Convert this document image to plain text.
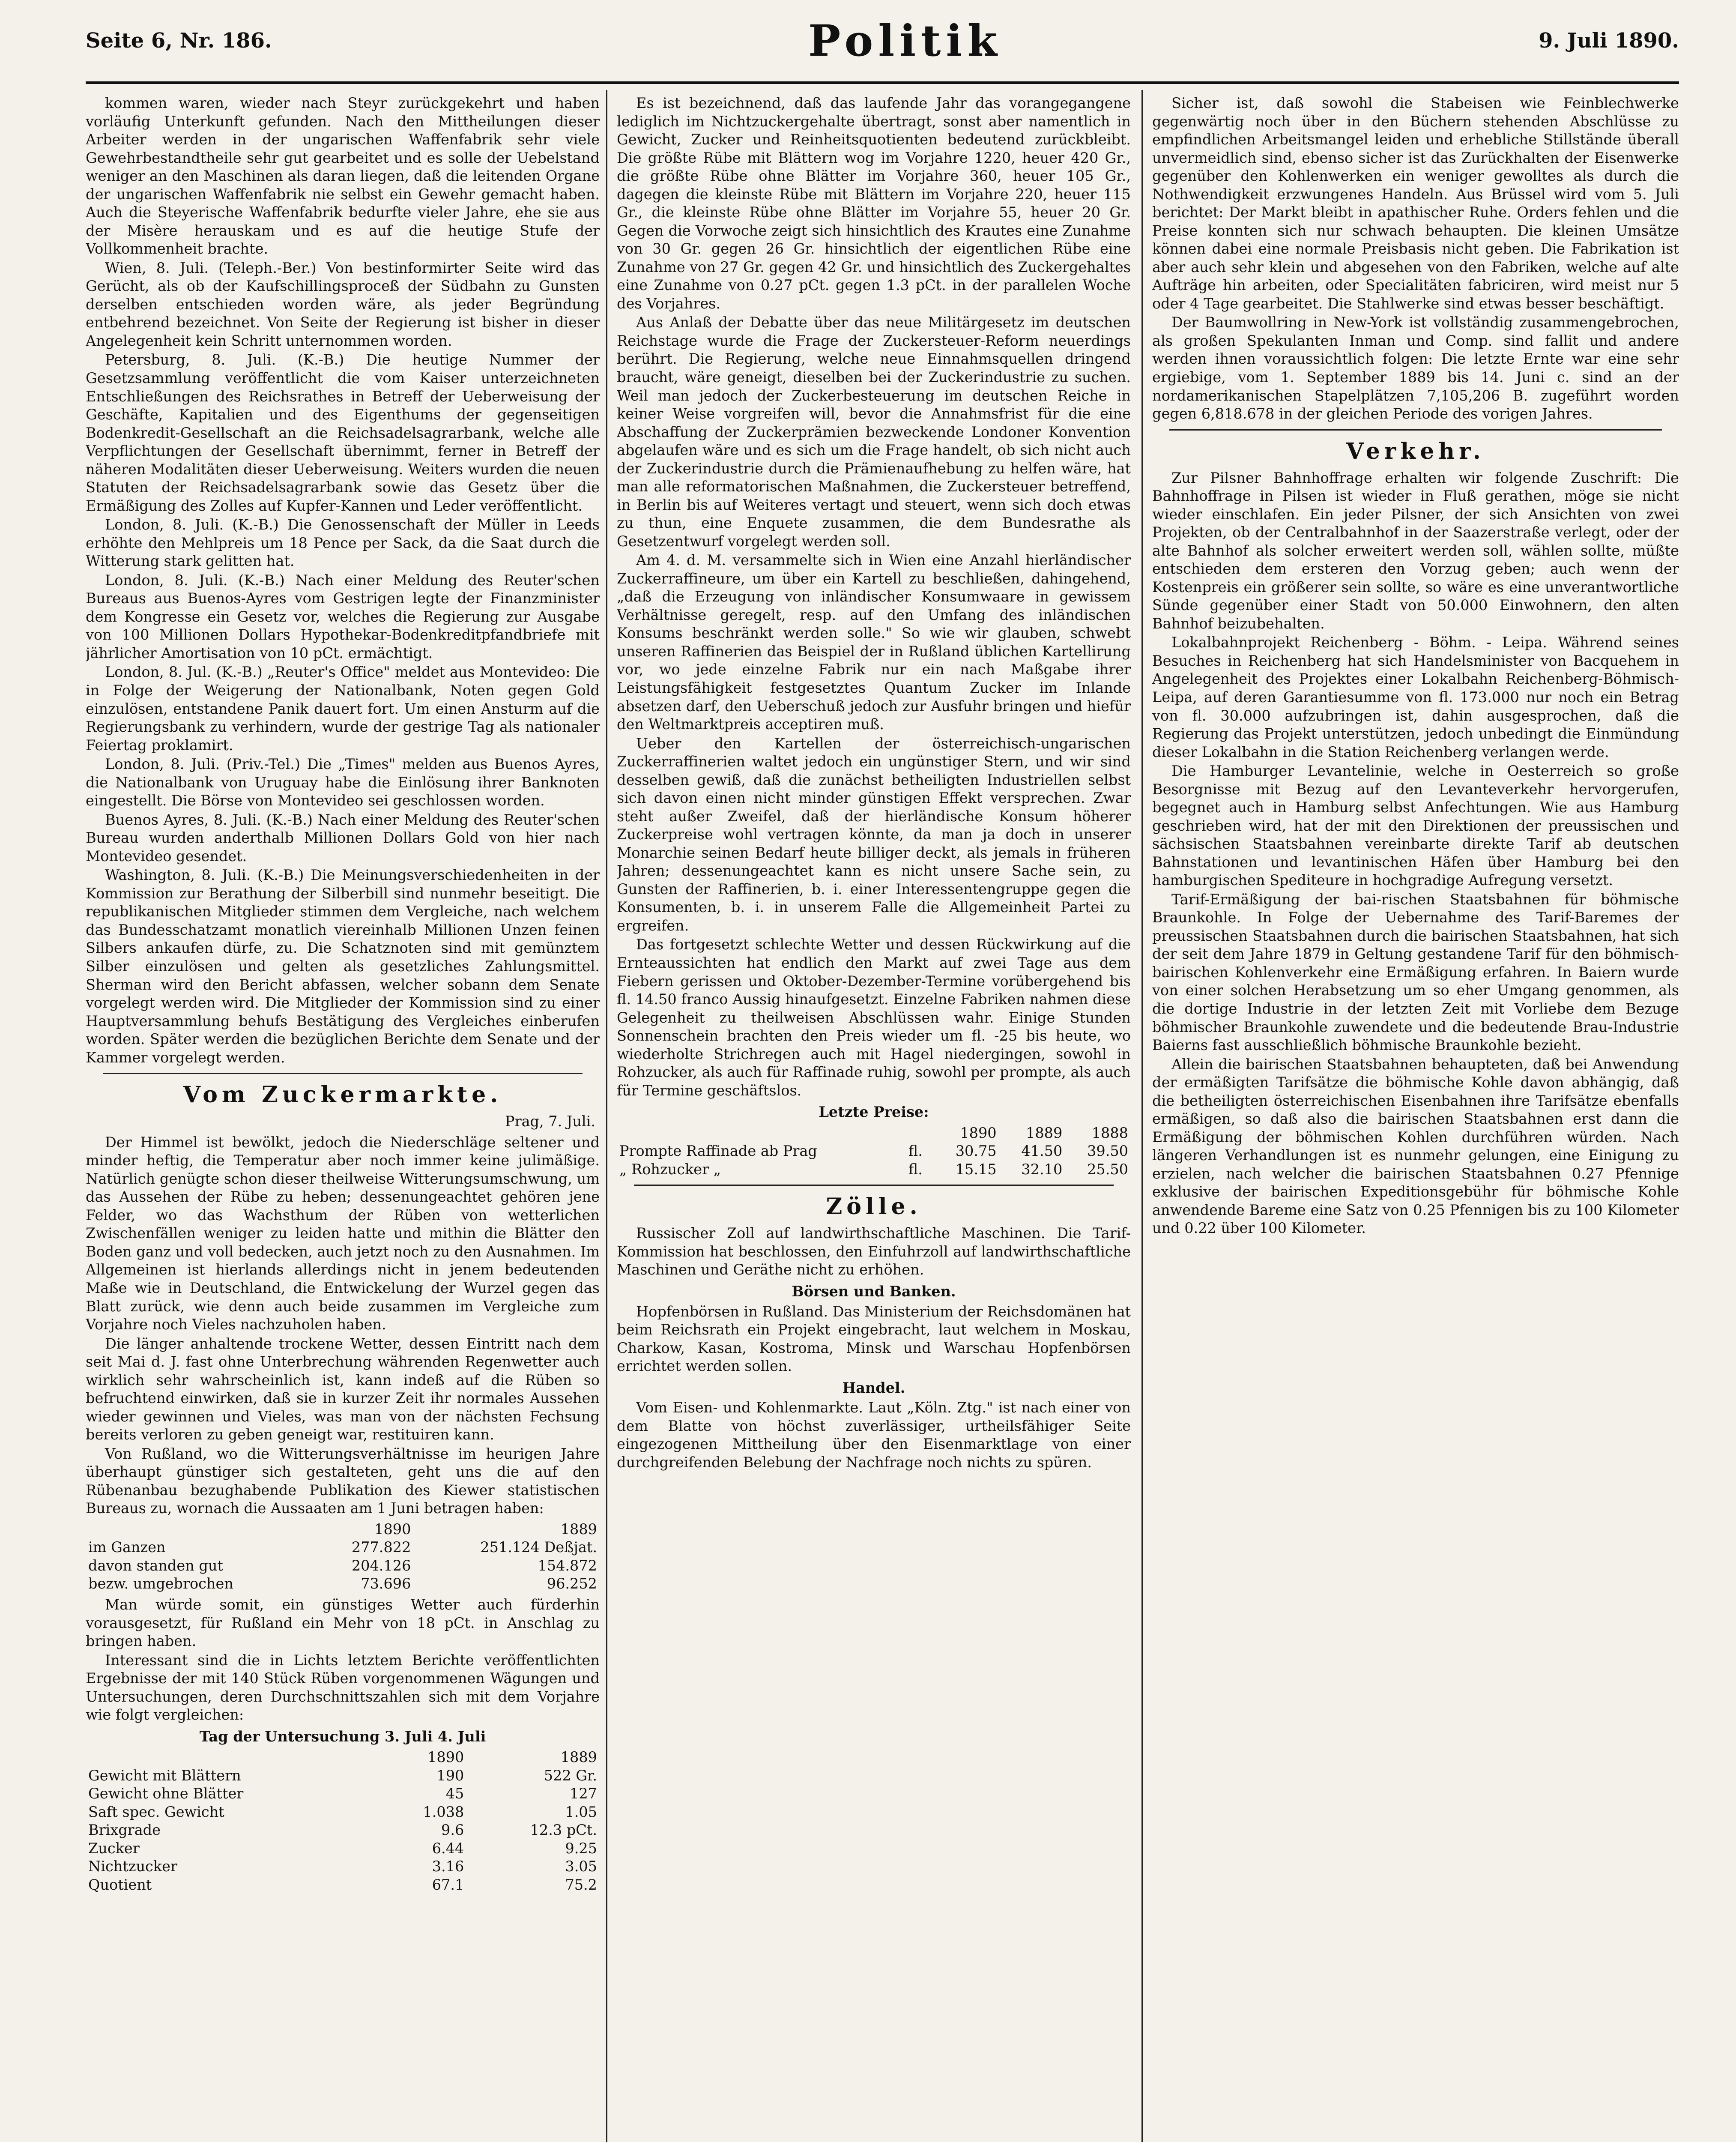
Seite 6, Nr. 186.	Politik	9. Juli 1890.

kommen waren, wieder nach Steyr zurückgekehrt und haben vorläufig Unterkunft gefunden. Nach den Mittheilungen dieser Arbeiter werden in der ungarischen Waffenfabrik sehr viele Gewehrbestandtheile sehr gut gearbeitet und es solle der Uebelstand weniger an den Maschinen als daran liegen, daß die leitenden Organe der ungarischen Waffenfabrik nie selbst ein Gewehr gemacht haben. Auch die Steyerische Waffenfabrik bedurfte vieler Jahre, ehe sie aus der Misère herauskam und es auf die heutige Stufe der Vollkommenheit brachte.

Wien, 8. Juli. (Teleph.-Ber.) Von bestinformirter Seite wird das Gerücht, als ob der Kaufschillingsproceß der Südbahn zu Gunsten derselben entschieden worden wäre, als jeder Begründung entbehrend bezeichnet. Von Seite der Regierung ist bisher in dieser Angelegenheit kein Schritt unternommen worden.

Petersburg, 8. Juli. (K.-B.) Die heutige Nummer der Gesetzsammlung veröffentlicht die vom Kaiser unterzeichneten Entschließungen des Reichsrathes in Betreff der Ueberweisung der Geschäfte, Kapitalien und des Eigenthums der gegenseitigen Bodenkredit-Gesellschaft an die Reichsadelsagrarbank, welche alle Verpflichtungen der Gesellschaft übernimmt, ferner in Betreff der näheren Modalitäten dieser Ueberweisung. Weiters wurden die neuen Statuten der Reichsadelsagrarbank sowie das Gesetz über die Ermäßigung des Zolles auf Kupfer-Kannen und Leder veröffentlicht.

London, 8. Juli. (K.-B.) Die Genossenschaft der Müller in Leeds erhöhte den Mehlpreis um 18 Pence per Sack, da die Saat durch die Witterung stark gelitten hat.

London, 8. Juli. (K.-B.) Nach einer Meldung des Reuter'schen Bureaus aus Buenos-Ayres vom Gestrigen legte der Finanzminister dem Kongresse ein Gesetz vor, welches die Regierung zur Ausgabe von 100 Millionen Dollars Hypothekar-Bodenkreditpfandbriefe mit jährlicher Amortisation von 10 pCt. ermächtigt.

London, 8. Jul. (K.-B.) „Reuter's Office" meldet aus Montevideo: Die in Folge der Weigerung der Nationalbank, Noten gegen Gold einzulösen, entstandene Panik dauert fort. Um einen Ansturm auf die Regierungsbank zu verhindern, wurde der gestrige Tag als nationaler Feiertag proklamirt.

London, 8. Juli. (Priv.-Tel.) Die „Times" melden aus Buenos Ayres, die Nationalbank von Uruguay habe die Einlösung ihrer Banknoten eingestellt. Die Börse von Montevideo sei geschlossen worden.

Buenos Ayres, 8. Juli. (K.-B.) Nach einer Meldung des Reuter'schen Bureau wurden anderthalb Millionen Dollars Gold von hier nach Montevideo gesendet.

Washington, 8. Juli. (K.-B.) Die Meinungsverschiedenheiten in der Kommission zur Berathung der Silberbill sind nunmehr beseitigt. Die republikanischen Mitglieder stimmen dem Vergleiche, nach welchem das Bundesschatzamt monatlich viereinhalb Millionen Unzen feinen Silbers ankaufen dürfe, zu. Die Schatznoten sind mit gemünztem Silber einzulösen und gelten als gesetzliches Zahlungsmittel. Sherman wird den Bericht abfassen, welcher sobann dem Senate vorgelegt werden wird. Die Mitglieder der Kommission sind zu einer Hauptversammlung behufs Bestätigung des Vergleiches einberufen worden. Später werden die bezüglichen Berichte dem Senate und der Kammer vorgelegt werden.

Vom Zuckermarkte.
Prag, 7. Juli.

Der Himmel ist bewölkt, jedoch die Niederschläge seltener und minder heftig, die Temperatur aber noch immer keine julimäßige. Natürlich genügte schon dieser theilweise Witterungsumschwung, um das Aussehen der Rübe zu heben; dessenungeachtet gehören jene Felder, wo das Wachsthum der Rüben von wetterlichen Zwischenfällen weniger zu leiden hatte und mithin die Blätter den Boden ganz und voll bedecken, auch jetzt noch zu den Ausnahmen. Im Allgemeinen ist hierlands allerdings nicht in jenem bedeutenden Maße wie in Deutschland, die Entwickelung der Wurzel gegen das Blatt zurück, wie denn auch beide zusammen im Vergleiche zum Vorjahre noch Vieles nachzuholen haben.

Die länger anhaltende trockene Wetter, dessen Eintritt nach dem seit Mai d. J. fast ohne Unterbrechung währenden Regenwetter auch wirklich sehr wahrscheinlich ist, kann indeß auf die Rüben so befruchtend einwirken, daß sie in kurzer Zeit ihr normales Aussehen wieder gewinnen und Vieles, was man von der nächsten Fechsung bereits verloren zu geben geneigt war, restituiren kann.

Von Rußland, wo die Witterungsverhältnisse im heurigen Jahre überhaupt günstiger sich gestalteten, geht uns die auf den Rübenanbau bezughabende Publikation des Kiewer statistischen Bureaus zu, wornach die Aussaaten am 1 Juni betragen haben:

	1890	1889
im Ganzen	277.822	251.124 Deßjat.
davon standen gut	204.126	154.872
bezw. umgebrochen	73.696	96.252

Man würde somit, ein günstiges Wetter auch fürderhin vorausgesetzt, für Rußland ein Mehr von 18 pCt. in Anschlag zu bringen haben.

Interessant sind die in Lichts letztem Berichte veröffentlichten Ergebnisse der mit 140 Stück Rüben vorgenommenen Wägungen und Untersuchungen, deren Durchschnittszahlen sich mit dem Vorjahre wie folgt vergleichen:

Tag der Untersuchung 3. Juli 4. Juli
	1890	1889
Gewicht mit Blättern	190	522 Gr.
Gewicht ohne Blätter	45	127
Saft spec. Gewicht	1.038	1.05
Brixgrade	9.6	12.3 pCt.
Zucker	6.44	9.25
Nichtzucker	3.16	3.05
Quotient	67.1	75.2

Es ist bezeichnend, daß das laufende Jahr das vorangegangene lediglich im Nichtzuckergehalte übertragt, sonst aber namentlich in Gewicht, Zucker und Reinheitsquotienten bedeutend zurückbleibt. Die größte Rübe mit Blättern wog im Vorjahre 1220, heuer 420 Gr., die größte Rübe ohne Blätter im Vorjahre 360, heuer 105 Gr., dagegen die kleinste Rübe mit Blättern im Vorjahre 220, heuer 115 Gr., die kleinste Rübe ohne Blätter im Vorjahre 55, heuer 20 Gr. Gegen die Vorwoche zeigt sich hinsichtlich des Krautes eine Zunahme von 30 Gr. gegen 26 Gr. hinsichtlich der eigentlichen Rübe eine Zunahme von 27 Gr. gegen 42 Gr. und hinsichtlich des Zuckergehaltes eine Zunahme von 0.27 pCt. gegen 1.3 pCt. in der parallelen Woche des Vorjahres.

Aus Anlaß der Debatte über das neue Militärgesetz im deutschen Reichstage wurde die Frage der Zuckersteuer-Reform neuerdings berührt. Die Regierung, welche neue Einnahmsquellen dringend braucht, wäre geneigt, dieselben bei der Zuckerindustrie zu suchen. Weil man jedoch der Zuckerbesteuerung im deutschen Reiche in keiner Weise vorgreifen will, bevor die Annahmsfrist für die eine Abschaffung der Zuckerprämien bezweckende Londoner Konvention abgelaufen wäre und es sich um die Frage handelt, ob sich nicht auch der Zuckerindustrie durch die Prämienaufhebung zu helfen wäre, hat man alle reformatorischen Maßnahmen, die Zuckersteuer betreffend, in Berlin bis auf Weiteres vertagt und steuert, wenn sich doch etwas zu thun, eine Enquete zusammen, die dem Bundesrathe als Gesetzentwurf vorgelegt werden soll.

Am 4. d. M. versammelte sich in Wien eine Anzahl hierländischer Zuckerraffineure, um über ein Kartell zu beschließen, dahingehend, „daß die Erzeugung von inländischer Konsumwaare in gewissem Verhältnisse geregelt, resp. auf den Umfang des inländischen Konsums beschränkt werden solle." So wie wir glauben, schwebt unseren Raffinerien das Beispiel der in Rußland üblichen Kartellirung vor, wo jede einzelne Fabrik nur ein nach Maßgabe ihrer Leistungsfähigkeit festgesetztes Quantum Zucker im Inlande absetzen darf, den Ueberschuß jedoch zur Ausfuhr bringen und hiefür den Weltmarktpreis acceptiren muß.

Ueber den Kartellen der österreichisch-ungarischen Zuckerraffinerien waltet jedoch ein ungünstiger Stern, und wir sind desselben gewiß, daß die zunächst betheiligten Industriellen selbst sich davon einen nicht minder günstigen Effekt versprechen. Zwar steht außer Zweifel, daß der hierländische Konsum höherer Zuckerpreise wohl vertragen könnte, da man ja doch in unserer Monarchie seinen Bedarf heute billiger deckt, als jemals in früheren Jahren; dessenungeachtet kann es nicht unsere Sache sein, zu Gunsten der Raffinerien, b. i. einer Interessentengruppe gegen die Konsumenten, b. i. in unserem Falle die Allgemeinheit Partei zu ergreifen.

Das fortgesetzt schlechte Wetter und dessen Rückwirkung auf die Ernteaussichten hat endlich den Markt auf zwei Tage aus dem Fiebern gerissen und Oktober-Dezember-Termine vorübergehend bis fl. 14.50 franco Aussig hinaufgesetzt. Einzelne Fabriken nahmen diese Gelegenheit zu theilweisen Abschlüssen wahr. Einige Stunden Sonnenschein brachten den Preis wieder um fl. -25 bis heute, wo wiederholte Strichregen auch mit Hagel niedergingen, sowohl in Rohzucker, als auch für Raffinade ruhig, sowohl per prompte, als auch für Termine geschäftslos.

Letzte Preise:
		1890	1889	1888
Prompte Raffinade ab Prag	fl.	30.75	41.50	39.50
„ Rohzucker „	fl.	15.15	32.10	25.50
Zölle.

Russischer Zoll auf landwirthschaftliche Maschinen. Die Tarif-Kommission hat beschlossen, den Einfuhrzoll auf landwirthschaftliche Maschinen und Geräthe nicht zu erhöhen.

Börsen und Banken.

Hopfenbörsen in Rußland. Das Ministerium der Reichsdomänen hat beim Reichsrath ein Projekt eingebracht, laut welchem in Moskau, Charkow, Kasan, Kostroma, Minsk und Warschau Hopfenbörsen errichtet werden sollen.

Handel.

Vom Eisen- und Kohlenmarkte. Laut „Köln. Ztg." ist nach einer von dem Blatte von höchst zuverlässiger, urtheilsfähiger Seite eingezogenen Mittheilung über den Eisenmarktlage von einer durchgreifenden Belebung der Nachfrage noch nichts zu spüren.

Sicher ist, daß sowohl die Stabeisen wie Feinblechwerke gegenwärtig noch über in den Büchern stehenden Abschlüsse zu empfindlichen Arbeitsmangel leiden und erhebliche Stillstände überall unvermeidlich sind, ebenso sicher ist das Zurückhalten der Eisenwerke gegenüber den Kohlenwerken ein weniger gewolltes als durch die Nothwendigkeit erzwungenes Handeln. Aus Brüssel wird vom 5. Juli berichtet: Der Markt bleibt in apathischer Ruhe. Orders fehlen und die Preise konnten sich nur schwach behaupten. Die kleinen Umsätze können dabei eine normale Preisbasis nicht geben. Die Fabrikation ist aber auch sehr klein und abgesehen von den Fabriken, welche auf alte Aufträge hin arbeiten, oder Specialitäten fabriciren, wird meist nur 5 oder 4 Tage gearbeitet. Die Stahlwerke sind etwas besser beschäftigt.

Der Baumwollring in New-York ist vollständig zusammengebrochen, als großen Spekulanten Inman und Comp. sind fallit und andere werden ihnen voraussichtlich folgen: Die letzte Ernte war eine sehr ergiebige, vom 1. September 1889 bis 14. Juni c. sind an der nordamerikanischen Stapelplätzen 7,105,206 B. zugeführt worden gegen 6,818.678 in der gleichen Periode des vorigen Jahres.

Verkehr.

Zur Pilsner Bahnhoffrage erhalten wir folgende Zuschrift: Die Bahnhoffrage in Pilsen ist wieder in Fluß gerathen, möge sie nicht wieder einschlafen. Ein jeder Pilsner, der sich Ansichten von zwei Projekten, ob der Centralbahnhof in der Saazerstraße verlegt, oder der alte Bahnhof als solcher erweitert werden soll, wählen sollte, müßte entschieden dem ersteren den Vorzug geben; auch wenn der Kostenpreis ein größerer sein sollte, so wäre es eine unverantwortliche Sünde gegenüber einer Stadt von 50.000 Einwohnern, den alten Bahnhof beizubehalten.

Lokalbahnprojekt Reichenberg - Böhm. - Leipa. Während seines Besuches in Reichenberg hat sich Handelsminister von Bacquehem in Angelegenheit des Projektes einer Lokalbahn Reichenberg-Böhmisch-Leipa, auf deren Garantiesumme von fl. 173.000 nur noch ein Betrag von fl. 30.000 aufzubringen ist, dahin ausgesprochen, daß die Regierung das Projekt unterstützen, jedoch unbedingt die Einmündung dieser Lokalbahn in die Station Reichenberg verlangen werde.

Die Hamburger Levantelinie, welche in Oesterreich so große Besorgnisse mit Bezug auf den Levanteverkehr hervorgerufen, begegnet auch in Hamburg selbst Anfechtungen. Wie aus Hamburg geschrieben wird, hat der mit den Direktionen der preussischen und sächsischen Staatsbahnen vereinbarte direkte Tarif ab deutschen Bahnstationen und levantinischen Häfen über Hamburg bei den hamburgischen Spediteure in hochgradige Aufregung versetzt.

Tarif-Ermäßigung der bai-rischen Staatsbahnen für böhmische Braunkohle. In Folge der Uebernahme des Tarif-Baremes der preussischen Staatsbahnen durch die bairischen Staatsbahnen, hat sich der seit dem Jahre 1879 in Geltung gestandene Tarif für den böhmisch-bairischen Kohlenverkehr eine Ermäßigung erfahren. In Baiern wurde von einer solchen Herabsetzung um so eher Umgang genommen, als die dortige Industrie in der letzten Zeit mit Vorliebe dem Bezuge böhmischer Braunkohle zuwendete und die bedeutende Brau-Industrie Baierns fast ausschließlich böhmische Braunkohle bezieht.

Allein die bairischen Staatsbahnen behaupteten, daß bei Anwendung der ermäßigten Tarifsätze die böhmische Kohle davon abhängig, daß die betheiligten österreichischen Eisenbahnen ihre Tarifsätze ebenfalls ermäßigen, so daß also die bairischen Staatsbahnen erst dann die Ermäßigung der böhmischen Kohlen durchführen würden. Nach längeren Verhandlungen ist es nunmehr gelungen, eine Einigung zu erzielen, nach welcher die bairischen Staatsbahnen 0.27 Pfennige exklusive der bairischen Expeditionsgebühr für böhmische Kohle anwendende Bareme eine Satz von 0.25 Pfennigen bis zu 100 Kilometer und 0.22 über 100 Kilometer.
